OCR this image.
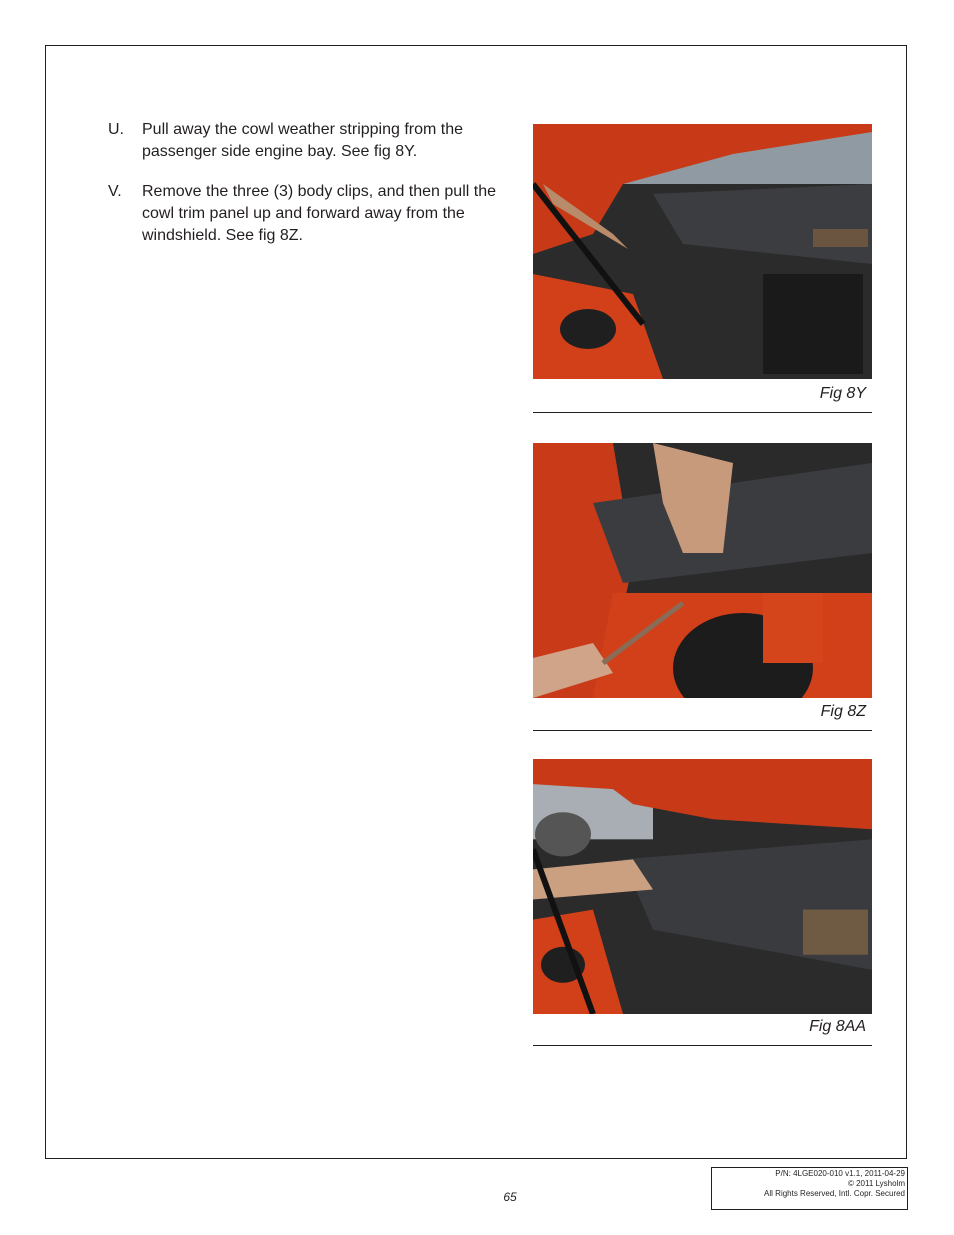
U. Pull away the cowl weather stripping from the passenger side engine bay. See fig 8Y.
V. Remove the three (3) body clips, and then pull the cowl trim panel up and forward away from the windshield. See fig 8Z.
Fig 8Y
Fig 8Z
Fig 8AA
65
P/N: 4LGE020-010 v1.1, 2011-04-29
© 2011 Lysholm
All Rights Reserved, Intl. Copr. Secured
